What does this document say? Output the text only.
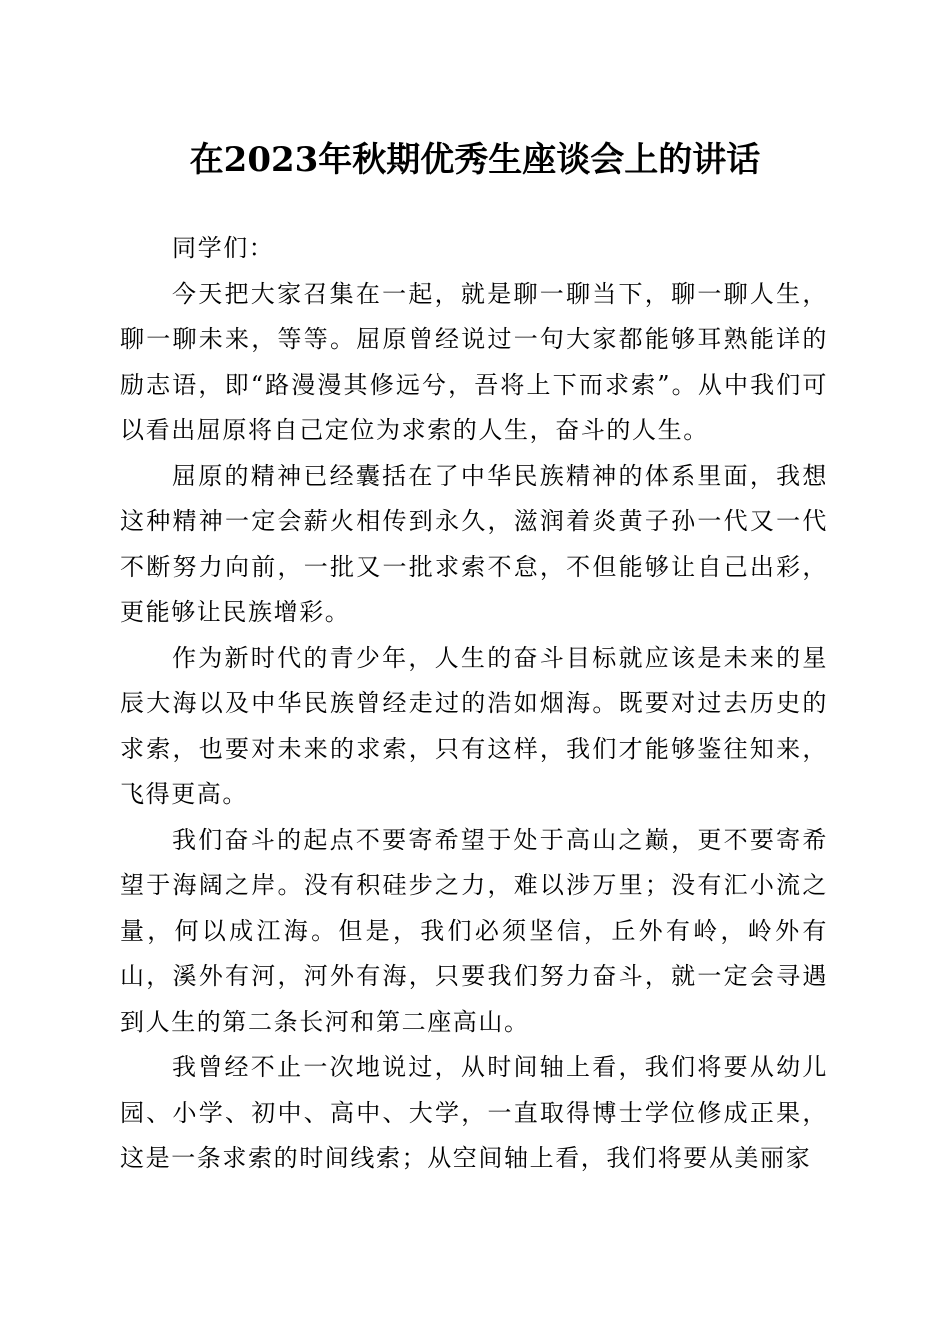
在2023年秋期优秀生座谈会上的讲话

同学们：

今天把大家召集在一起，就是聊一聊当下，聊一聊人生，聊一聊未来，等等。屈原曾经说过一句大家都能够耳熟能详的励志语，即“路漫漫其修远兮，吾将上下而求索”。从中我们可以看出屈原将自己定位为求索的人生，奋斗的人生。

屈原的精神已经囊括在了中华民族精神的体系里面，我想这种精神一定会薪火相传到永久，滋润着炎黄子孙一代又一代不断努力向前，一批又一批求索不怠，不但能够让自己出彩，更能够让民族增彩。

作为新时代的青少年，人生的奋斗目标就应该是未来的星辰大海以及中华民族曾经走过的浩如烟海。既要对过去历史的求索，也要对未来的求索，只有这样，我们才能够鉴往知来，飞得更高。

我们奋斗的起点不要寄希望于处于高山之巅，更不要寄希望于海阔之岸。没有积硅步之力，难以涉万里；没有汇小流之量，何以成江海。但是，我们必须坚信，丘外有岭，岭外有山，溪外有河，河外有海，只要我们努力奋斗，就一定会寻遇到人生的第二条长河和第二座高山。

我曾经不止一次地说过，从时间轴上看，我们将要从幼儿园、小学、初中、高中、大学，一直取得博士学位修成正果，这是一条求索的时间线索；从空间轴上看，我们将要从美丽家
